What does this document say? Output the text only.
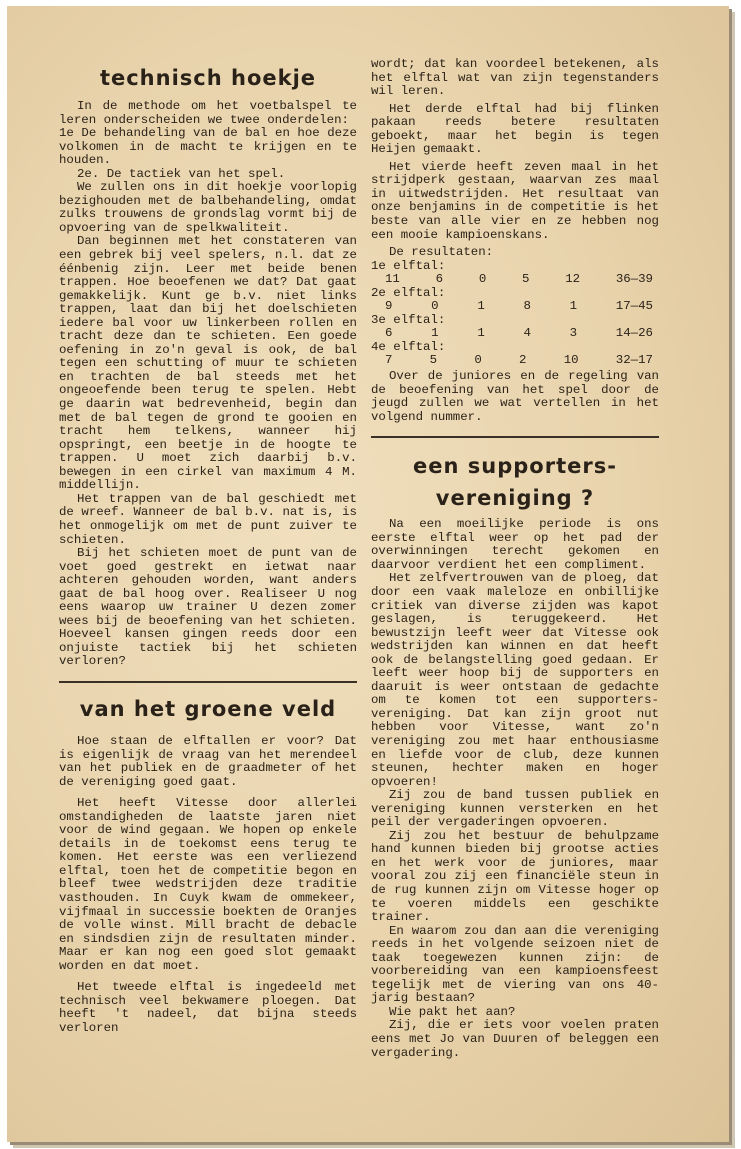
technisch hoekje

In de methode om het voetbalspel te leren onderscheiden we twee onderdelen:

1e De behandeling van de bal en hoe deze volkomen in de macht te krijgen en te houden.

2e. De tactiek van het spel.

We zullen ons in dit hoekje voorlopig bezighouden met de balbehandeling, omdat zulks trouwens de grondslag vormt bij de opvoering van de spelkwaliteit.

Dan beginnen met het constateren van een gebrek bij veel spelers, n.l. dat ze éénbenig zijn. Leer met beide benen trappen. Hoe beoefenen we dat? Dat gaat gemakkelijk. Kunt ge b.v. niet links trappen, laat dan bij het doelschieten iedere bal voor uw linkerbeen rollen en tracht deze dan te schieten. Een goede oefening in zo'n geval is ook, de bal tegen een schutting of muur te schieten en trachten de bal steeds met het ongeoefende been terug te spelen. Hebt ge daarin wat bedrevenheid, begin dan met de bal tegen de grond te gooien en tracht hem telkens, wanneer hij opspringt, een beetje in de hoogte te trappen. U moet zich daarbij b.v. bewegen in een cirkel van maximum 4 M. middellijn.

Het trappen van de bal geschiedt met de wreef. Wanneer de bal b.v. nat is, is het onmogelijk om met de punt zuiver te schieten.

Bij het schieten moet de punt van de voet goed gestrekt en ietwat naar achteren gehouden worden, want anders gaat de bal hoog over. Realiseer U nog eens waarop uw trainer U dezen zomer wees bij de beoefening van het schieten. Hoeveel kansen gingen reeds door een onjuiste tactiek bij het schieten verloren?

van het groene veld

Hoe staan de elftallen er voor? Dat is eigenlijk de vraag van het merendeel van het publiek en de graadmeter of het de vereniging goed gaat.

Het heeft Vitesse door allerlei omstandigheden de laatste jaren niet voor de wind gegaan. We hopen op enkele details in de toekomst eens terug te komen. Het eerste was een verliezend elftal, toen het de competitie begon en bleef twee wedstrijden deze traditie vasthouden. In Cuyk kwam de ommekeer, vijfmaal in successie boekten de Oranjes de volle winst. Mill bracht de debacle en sindsdien zijn de resultaten minder. Maar er kan nog een goed slot gemaakt worden en dat moet.

Het tweede elftal is ingedeeld met technisch veel bekwamere ploegen. Dat heeft 't nadeel, dat bijna steeds verloren

wordt; dat kan voordeel betekenen, als het elftal wat van zijn tegenstanders wil leren.

Het derde elftal had bij flinken pakaan reeds betere resultaten geboekt, maar het begin is tegen Heijen gemaakt.

Het vierde heeft zeven maal in het strijdperk gestaan, waarvan zes maal in uitwedstrijden. Het resultaat van onze benjamins in de competitie is het beste van alle vier en ze hebben nog een mooie kampioenskans.

De resultaten:
1e elftal:
11	6	0	5	12	36—39
2e elftal:
9	0	1	8	1	17—45
3e elftal:
6	1	1	4	3	14—26
4e elftal:
7	5	0	2	10	32—17

Over de juniores en de regeling van de beoefening van het spel door de jeugd zullen we wat vertellen in het volgend nummer.

een supporters-
vereniging ?

Na een moeilijke periode is ons eerste elftal weer op het pad der overwinningen terecht gekomen en daarvoor verdient het een compliment.

Het zelfvertrouwen van de ploeg, dat door een vaak maleloze en onbillijke critiek van diverse zijden was kapot geslagen, is teruggekeerd. Het bewustzijn leeft weer dat Vitesse ook wedstrijden kan winnen en dat heeft ook de belangstelling goed gedaan. Er leeft weer hoop bij de supporters en daaruit is weer ontstaan de gedachte om te komen tot een supporters-vereniging. Dat kan zijn groot nut hebben voor Vitesse, want zo'n vereniging zou met haar enthousiasme en liefde voor de club, deze kunnen steunen, hechter maken en hoger opvoeren!

Zij zou de band tussen publiek en vereniging kunnen versterken en het peil der vergaderingen opvoeren.

Zij zou het bestuur de behulpzame hand kunnen bieden bij grootse acties en het werk voor de juniores, maar vooral zou zij een financiële steun in de rug kunnen zijn om Vitesse hoger op te voeren middels een geschikte trainer.

En waarom zou dan aan die vereniging reeds in het volgende seizoen niet de taak toegewezen kunnen zijn: de voorbereiding van een kampioensfeest tegelijk met de viering van ons 40-jarig bestaan?

Wie pakt het aan?

Zij, die er iets voor voelen praten eens met Jo van Duuren of beleggen een vergadering.
